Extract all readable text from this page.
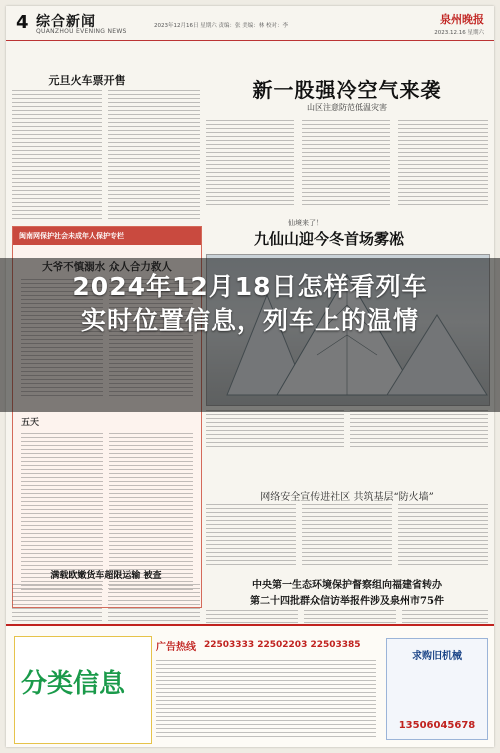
4 综合新闻
QUANZHOU EVENING NEWS
2023年12月16日 星期六 责编：张 美编：林 校对：李	泉州晚报
2023.12.16 星期六
元旦火车票开售
闽南网保护社会未成年人保护专栏
五天
满载欧嫩货车超限运输 被查
新一股强冷空气来袭
山区注意防范低温灾害
仙境来了！
九仙山迎今冬首场雾凇
网络安全宣传进社区 共筑基层“防火墙”
中央第一生态环境保护督察组向福建省转办
第二十四批群众信访举报件涉及泉州市75件
分类信息
广告热线 22503333 22502203 22503385
求购旧机械
13506045678
2024年12月18日怎样看列车
实时位置信息，列车上的温情
